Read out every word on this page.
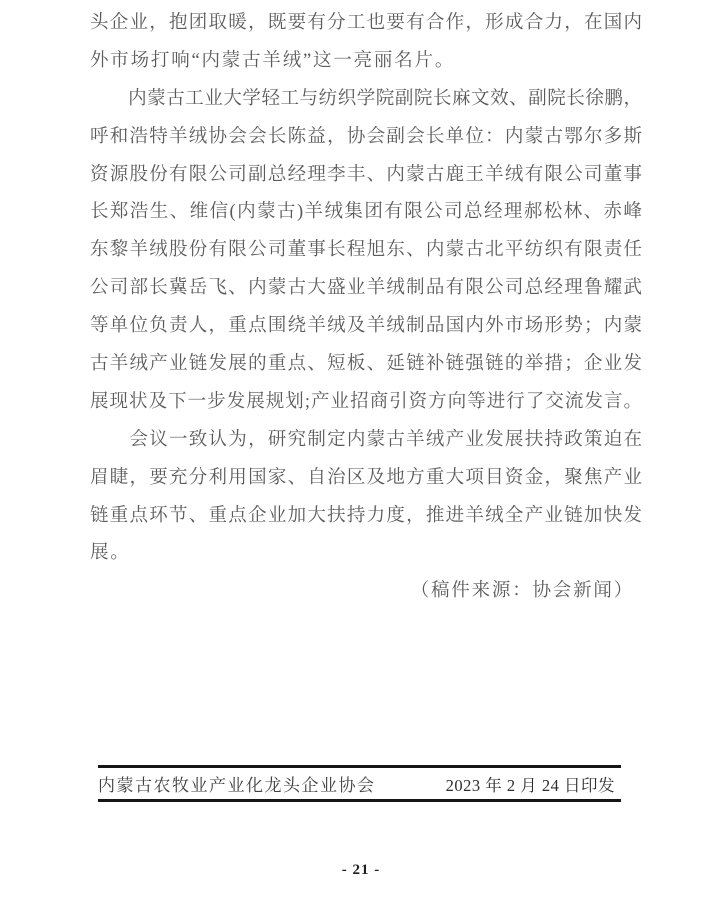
头企业，抱团取暖，既要有分工也要有合作，形成合力，在国内
外市场打响“内蒙古羊绒”这一亮丽名片。
　　内蒙古工业大学轻工与纺织学院副院长麻文效、副院长徐鹏，
呼和浩特羊绒协会会长陈益，协会副会长单位：内蒙古鄂尔多斯
资源股份有限公司副总经理李丰、内蒙古鹿王羊绒有限公司董事
长郑浩生、维信(内蒙古)羊绒集团有限公司总经理郝松林、赤峰
东黎羊绒股份有限公司董事长程旭东、内蒙古北平纺织有限责任
公司部长冀岳飞、内蒙古大盛业羊绒制品有限公司总经理鲁耀武
等单位负责人，重点围绕羊绒及羊绒制品国内外市场形势；内蒙
古羊绒产业链发展的重点、短板、延链补链强链的举措；企业发
展现状及下一步发展规划;产业招商引资方向等进行了交流发言。
　　会议一致认为，研究制定内蒙古羊绒产业发展扶持政策迫在
眉睫，要充分利用国家、自治区及地方重大项目资金，聚焦产业
链重点环节、重点企业加大扶持力度，推进羊绒全产业链加快发
展。
（稿件来源：协会新闻）
内蒙古农牧业产业化龙头企业协会	2023 年 2 月 24 日印发
- 21 -
